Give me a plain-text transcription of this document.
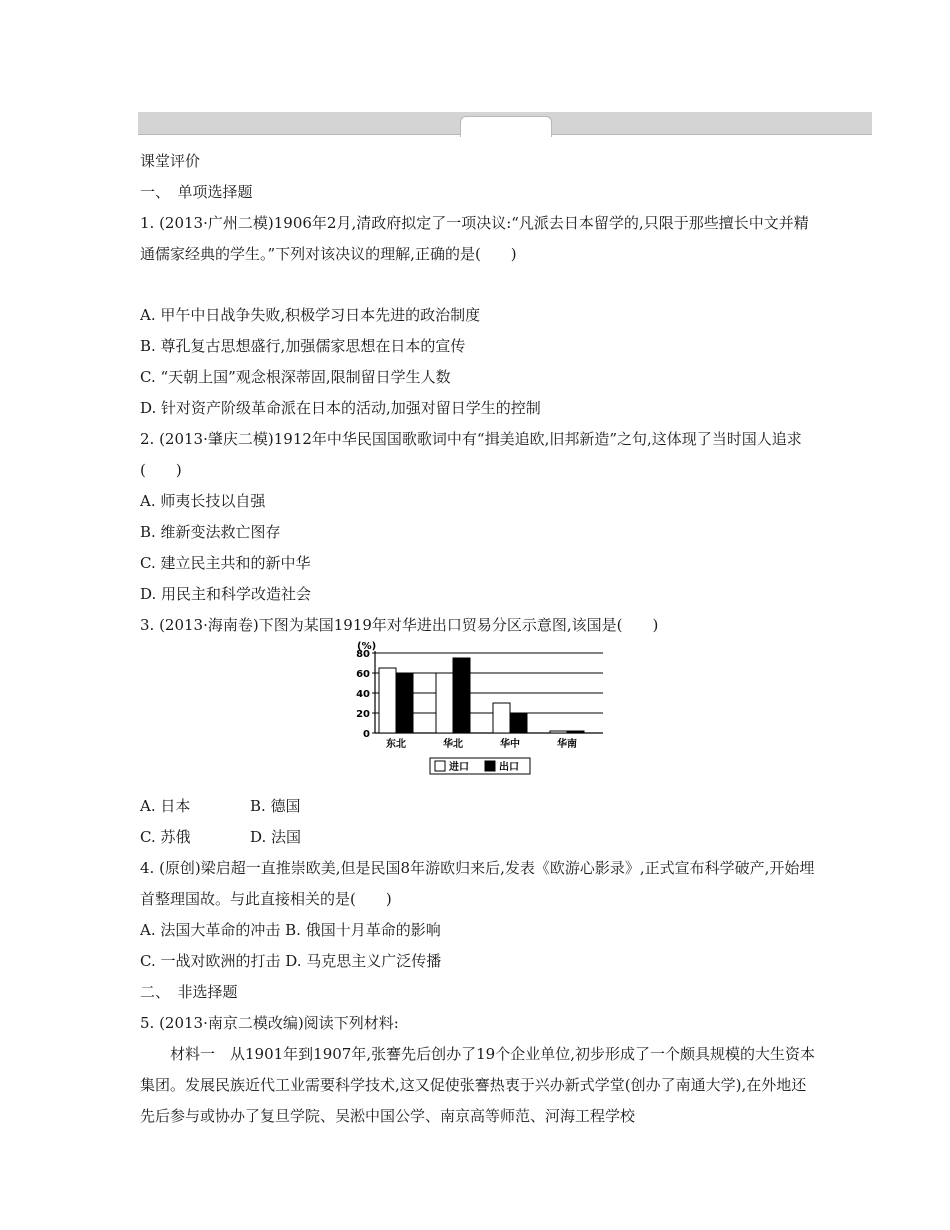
课堂评价
一、　单项选择题
1. (2013·广州二模)1906年2月,清政府拟定了一项决议:“凡派去日本留学的,只限于那些擅长中文并精通儒家经典的学生。”下列对该决议的理解,正确的是(　　)
A. 甲午中日战争失败,积极学习日本先进的政治制度
B. 尊孔复古思想盛行,加强儒家思想在日本的宣传
C. “天朝上国”观念根深蒂固,限制留日学生人数
D. 针对资产阶级革命派在日本的活动,加强对留日学生的控制
2. (2013·肇庆二模)1912年中华民国国歌歌词中有“揖美追欧,旧邦新造”之句,这体现了当时国人追求(　　)
A. 师夷长技以自强
B. 维新变法救亡图存
C. 建立民主共和的新中华
D. 用民主和科学改造社会
3. (2013·海南卷)下图为某国1919年对华进出口贸易分区示意图,该国是(　　)
(%)
0
20
40
60
80
东北	华北	华中	华南
进口	出口
A. 日本	B. 德国
C. 苏俄	D. 法国
4. (原创)梁启超一直推崇欧美,但是民国8年游欧归来后,发表《欧游心影录》,正式宣布科学破产,开始埋首整理国故。与此直接相关的是(　　)
A. 法国大革命的冲击 B. 俄国十月革命的影响
C. 一战对欧洲的打击 D. 马克思主义广泛传播
二、　非选择题
5. (2013·南京二模改编)阅读下列材料:
材料一　从1901年到1907年,张謇先后创办了19个企业单位,初步形成了一个颇具规模的大生资本集团。发展民族近代工业需要科学技术,这又促使张謇热衷于兴办新式学堂(创办了南通大学),在外地还先后参与或协办了复旦学院、吴淞中国公学、南京高等师范、河海工程学校
